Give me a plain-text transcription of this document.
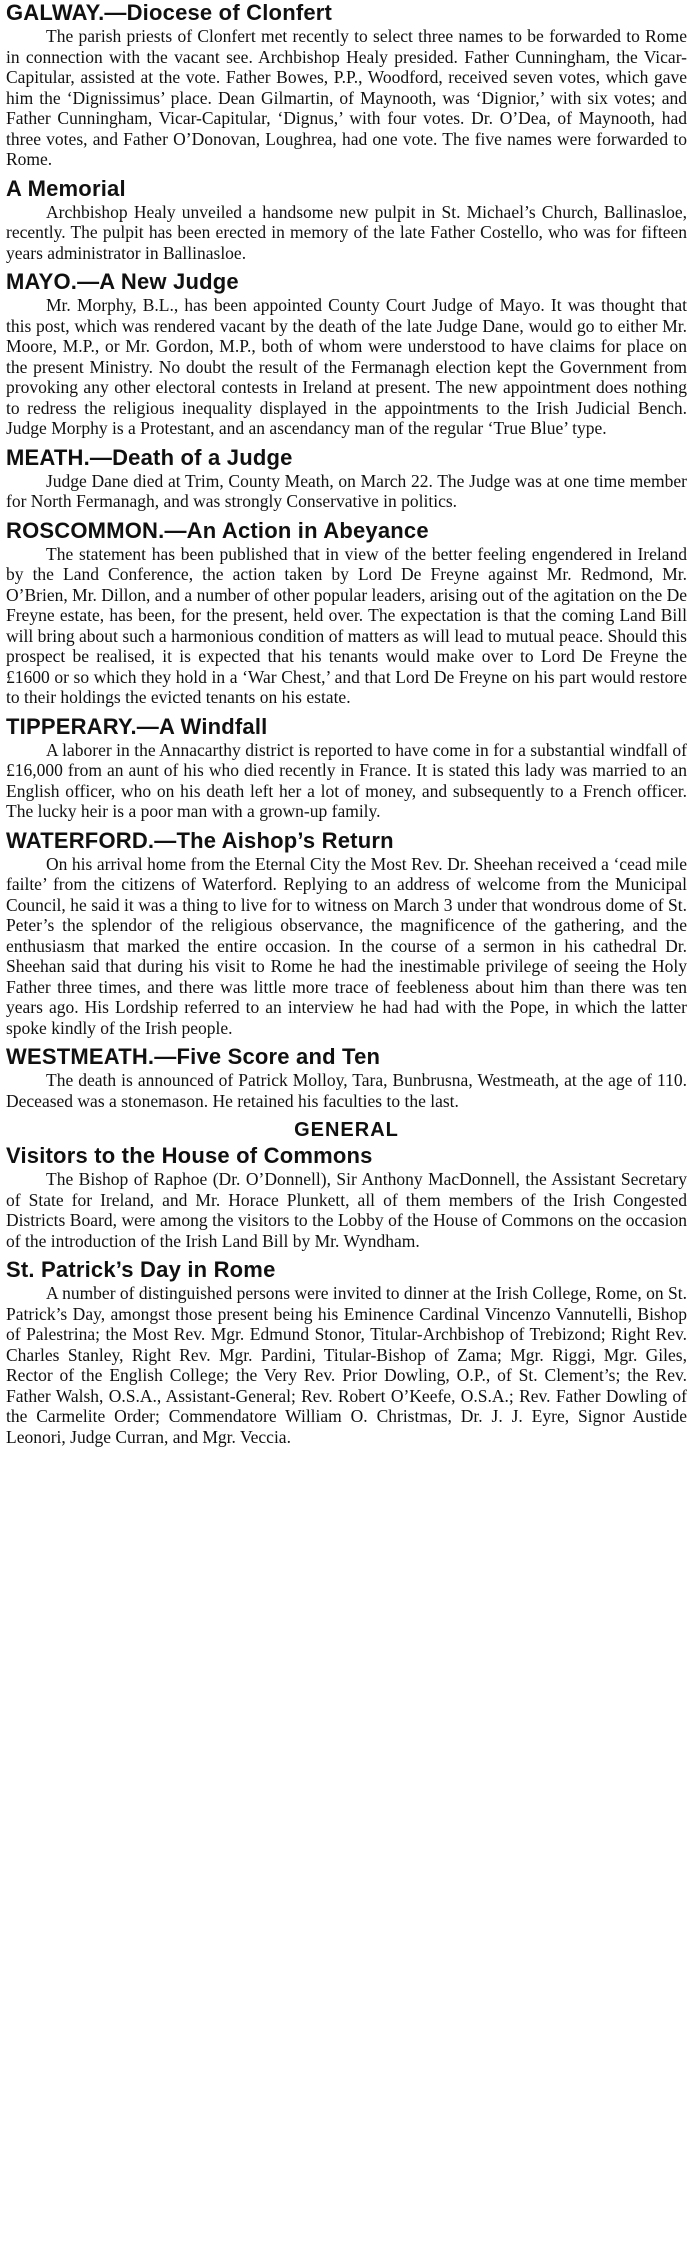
GALWAY.—Diocese of Clonfert

The parish priests of Clonfert met recently to select three names to be forwarded to Rome in connection with the vacant see. Archbishop Healy presided. Father Cunningham, the Vicar-Capitular, assisted at the vote. Father Bowes, P.P., Woodford, received seven votes, which gave him the ‘Dignissimus’ place. Dean Gilmartin, of Maynooth, was ‘Dignior,’ with six votes; and Father Cunningham, Vicar-Capitular, ‘Dignus,’ with four votes. Dr. O’Dea, of Maynooth, had three votes, and Father O’Donovan, Loughrea, had one vote. The five names were forwarded to Rome.

A Memorial

Archbishop Healy unveiled a handsome new pulpit in St. Michael’s Church, Ballinasloe, recently. The pulpit has been erected in memory of the late Father Costello, who was for fifteen years administrator in Ballinasloe.

MAYO.—A New Judge

Mr. Morphy, B.L., has been appointed County Court Judge of Mayo. It was thought that this post, which was rendered vacant by the death of the late Judge Dane, would go to either Mr. Moore, M.P., or Mr. Gordon, M.P., both of whom were understood to have claims for place on the present Ministry. No doubt the result of the Fermanagh election kept the Government from provoking any other electoral contests in Ireland at present. The new appointment does nothing to redress the religious inequality displayed in the appointments to the Irish Judicial Bench. Judge Morphy is a Protestant, and an ascendancy man of the regular ‘True Blue’ type.

MEATH.—Death of a Judge

Judge Dane died at Trim, County Meath, on March 22. The Judge was at one time member for North Fermanagh, and was strongly Conservative in politics.

ROSCOMMON.—An Action in Abeyance

The statement has been published that in view of the better feeling engendered in Ireland by the Land Conference, the action taken by Lord De Freyne against Mr. Redmond, Mr. O’Brien, Mr. Dillon, and a number of other popular leaders, arising out of the agitation on the De Freyne estate, has been, for the present, held over. The expectation is that the coming Land Bill will bring about such a harmonious condition of matters as will lead to mutual peace. Should this prospect be realised, it is expected that his tenants would make over to Lord De Freyne the £1600 or so which they hold in a ‘War Chest,’ and that Lord De Freyne on his part would restore to their holdings the evicted tenants on his estate.

TIPPERARY.—A Windfall

A laborer in the Annacarthy district is reported to have come in for a substantial windfall of £16,000 from an aunt of his who died recently in France. It is stated this lady was married to an English officer, who on his death left her a lot of money, and subsequently to a French officer. The lucky heir is a poor man with a grown-up family.

WATERFORD.—The Aishop’s Return

On his arrival home from the Eternal City the Most Rev. Dr. Sheehan received a ‘cead mile failte’ from the citizens of Waterford. Replying to an address of welcome from the Municipal Council, he said it was a thing to live for to witness on March 3 under that wondrous dome of St. Peter’s the splendor of the religious observance, the magnificence of the gathering, and the enthusiasm that marked the entire occasion. In the course of a sermon in his cathedral Dr. Sheehan said that during his visit to Rome he had the inestimable privilege of seeing the Holy Father three times, and there was little more trace of feebleness about him than there was ten years ago. His Lordship referred to an interview he had had with the Pope, in which the latter spoke kindly of the Irish people.

WESTMEATH.—Five Score and Ten

The death is announced of Patrick Molloy, Tara, Bunbrusna, Westmeath, at the age of 110. Deceased was a stonemason. He retained his faculties to the last.

GENERAL
Visitors to the House of Commons

The Bishop of Raphoe (Dr. O’Donnell), Sir Anthony MacDonnell, the Assistant Secretary of State for Ireland, and Mr. Horace Plunkett, all of them members of the Irish Congested Districts Board, were among the visitors to the Lobby of the House of Commons on the occasion of the introduction of the Irish Land Bill by Mr. Wyndham.

St. Patrick’s Day in Rome

A number of distinguished persons were invited to dinner at the Irish College, Rome, on St. Patrick’s Day, amongst those present being his Eminence Cardinal Vincenzo Vannutelli, Bishop of Palestrina; the Most Rev. Mgr. Edmund Stonor, Titular-Archbishop of Trebizond; Right Rev. Charles Stanley, Right Rev. Mgr. Pardini, Titular-Bishop of Zama; Mgr. Riggi, Mgr. Giles, Rector of the English College; the Very Rev. Prior Dowling, O.P., of St. Clement’s; the Rev. Father Walsh, O.S.A., Assistant-General; Rev. Robert O’Keefe, O.S.A.; Rev. Father Dowling of the Carmelite Order; Commendatore William O. Christmas, Dr. J. J. Eyre, Signor Austide Leonori, Judge Curran, and Mgr. Veccia.
